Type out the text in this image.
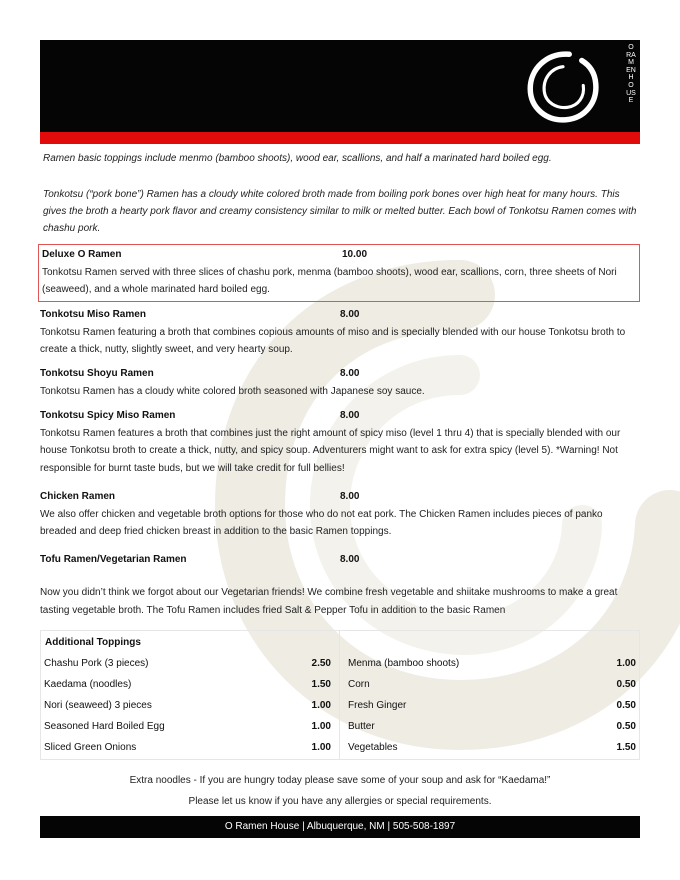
O RAMEN HOUSE
Ramen basic toppings include menmo (bamboo shoots), wood ear, scallions, and half a marinated hard boiled egg.
Tonkotsu (“pork bone”) Ramen has a cloudy white colored broth made from boiling pork bones over high heat for many hours. This gives the broth a hearty pork flavor and creamy consistency similar to milk or melted butter. Each bowl of Tonkotsu Ramen comes with chashu pork.
Deluxe O Ramen	10.00
Tonkotsu Ramen served with three slices of chashu pork, menma (bamboo shoots), wood ear, scallions, corn, three sheets of Nori (seaweed), and a whole marinated hard boiled egg.
Tonkotsu Miso Ramen	8.00
Tonkotsu Ramen featuring a broth that combines copious amounts of miso and is specially blended with our house Tonkotsu broth to create a thick, nutty, slightly sweet, and very hearty soup.
Tonkotsu Shoyu Ramen	8.00
Tonkotsu Ramen has a cloudy white colored broth seasoned with Japanese soy sauce.
Tonkotsu Spicy Miso Ramen	8.00
Tonkotsu Ramen features a broth that combines just the right amount of spicy miso (level 1 thru 4) that is specially blended with our house Tonkotsu broth to create a thick, nutty, and spicy soup. Adventurers might want to ask for extra spicy (level 5). *Warning! Not responsible for burnt taste buds, but we will take credit for full bellies!
Chicken Ramen	8.00
We also offer chicken and vegetable broth options for those who do not eat pork. The Chicken Ramen includes pieces of panko breaded and deep fried chicken breast in addition to the basic Ramen toppings.
Tofu Ramen/Vegetarian Ramen	8.00
Now you didn’t think we forgot about our Vegetarian friends! We combine fresh vegetable and shiitake mushrooms to make a great tasting vegetable broth. The Tofu Ramen includes fried Salt & Pepper Tofu in addition to the basic Ramen
Additional Toppings
Chashu Pork (3 pieces)	2.50
Kaedama (noodles)	1.50
Nori (seaweed) 3 pieces	1.00
Seasoned Hard Boiled Egg	1.00
Sliced Green Onions	1.00
Menma (bamboo shoots)	1.00
Corn	0.50
Fresh Ginger	0.50
Butter	0.50
Vegetables	1.50
Extra noodles - If you are hungry today please save some of your soup and ask for “Kaedama!”
Please let us know if you have any allergies or special requirements.
O Ramen House | Albuquerque, NM | 505-508-1897
